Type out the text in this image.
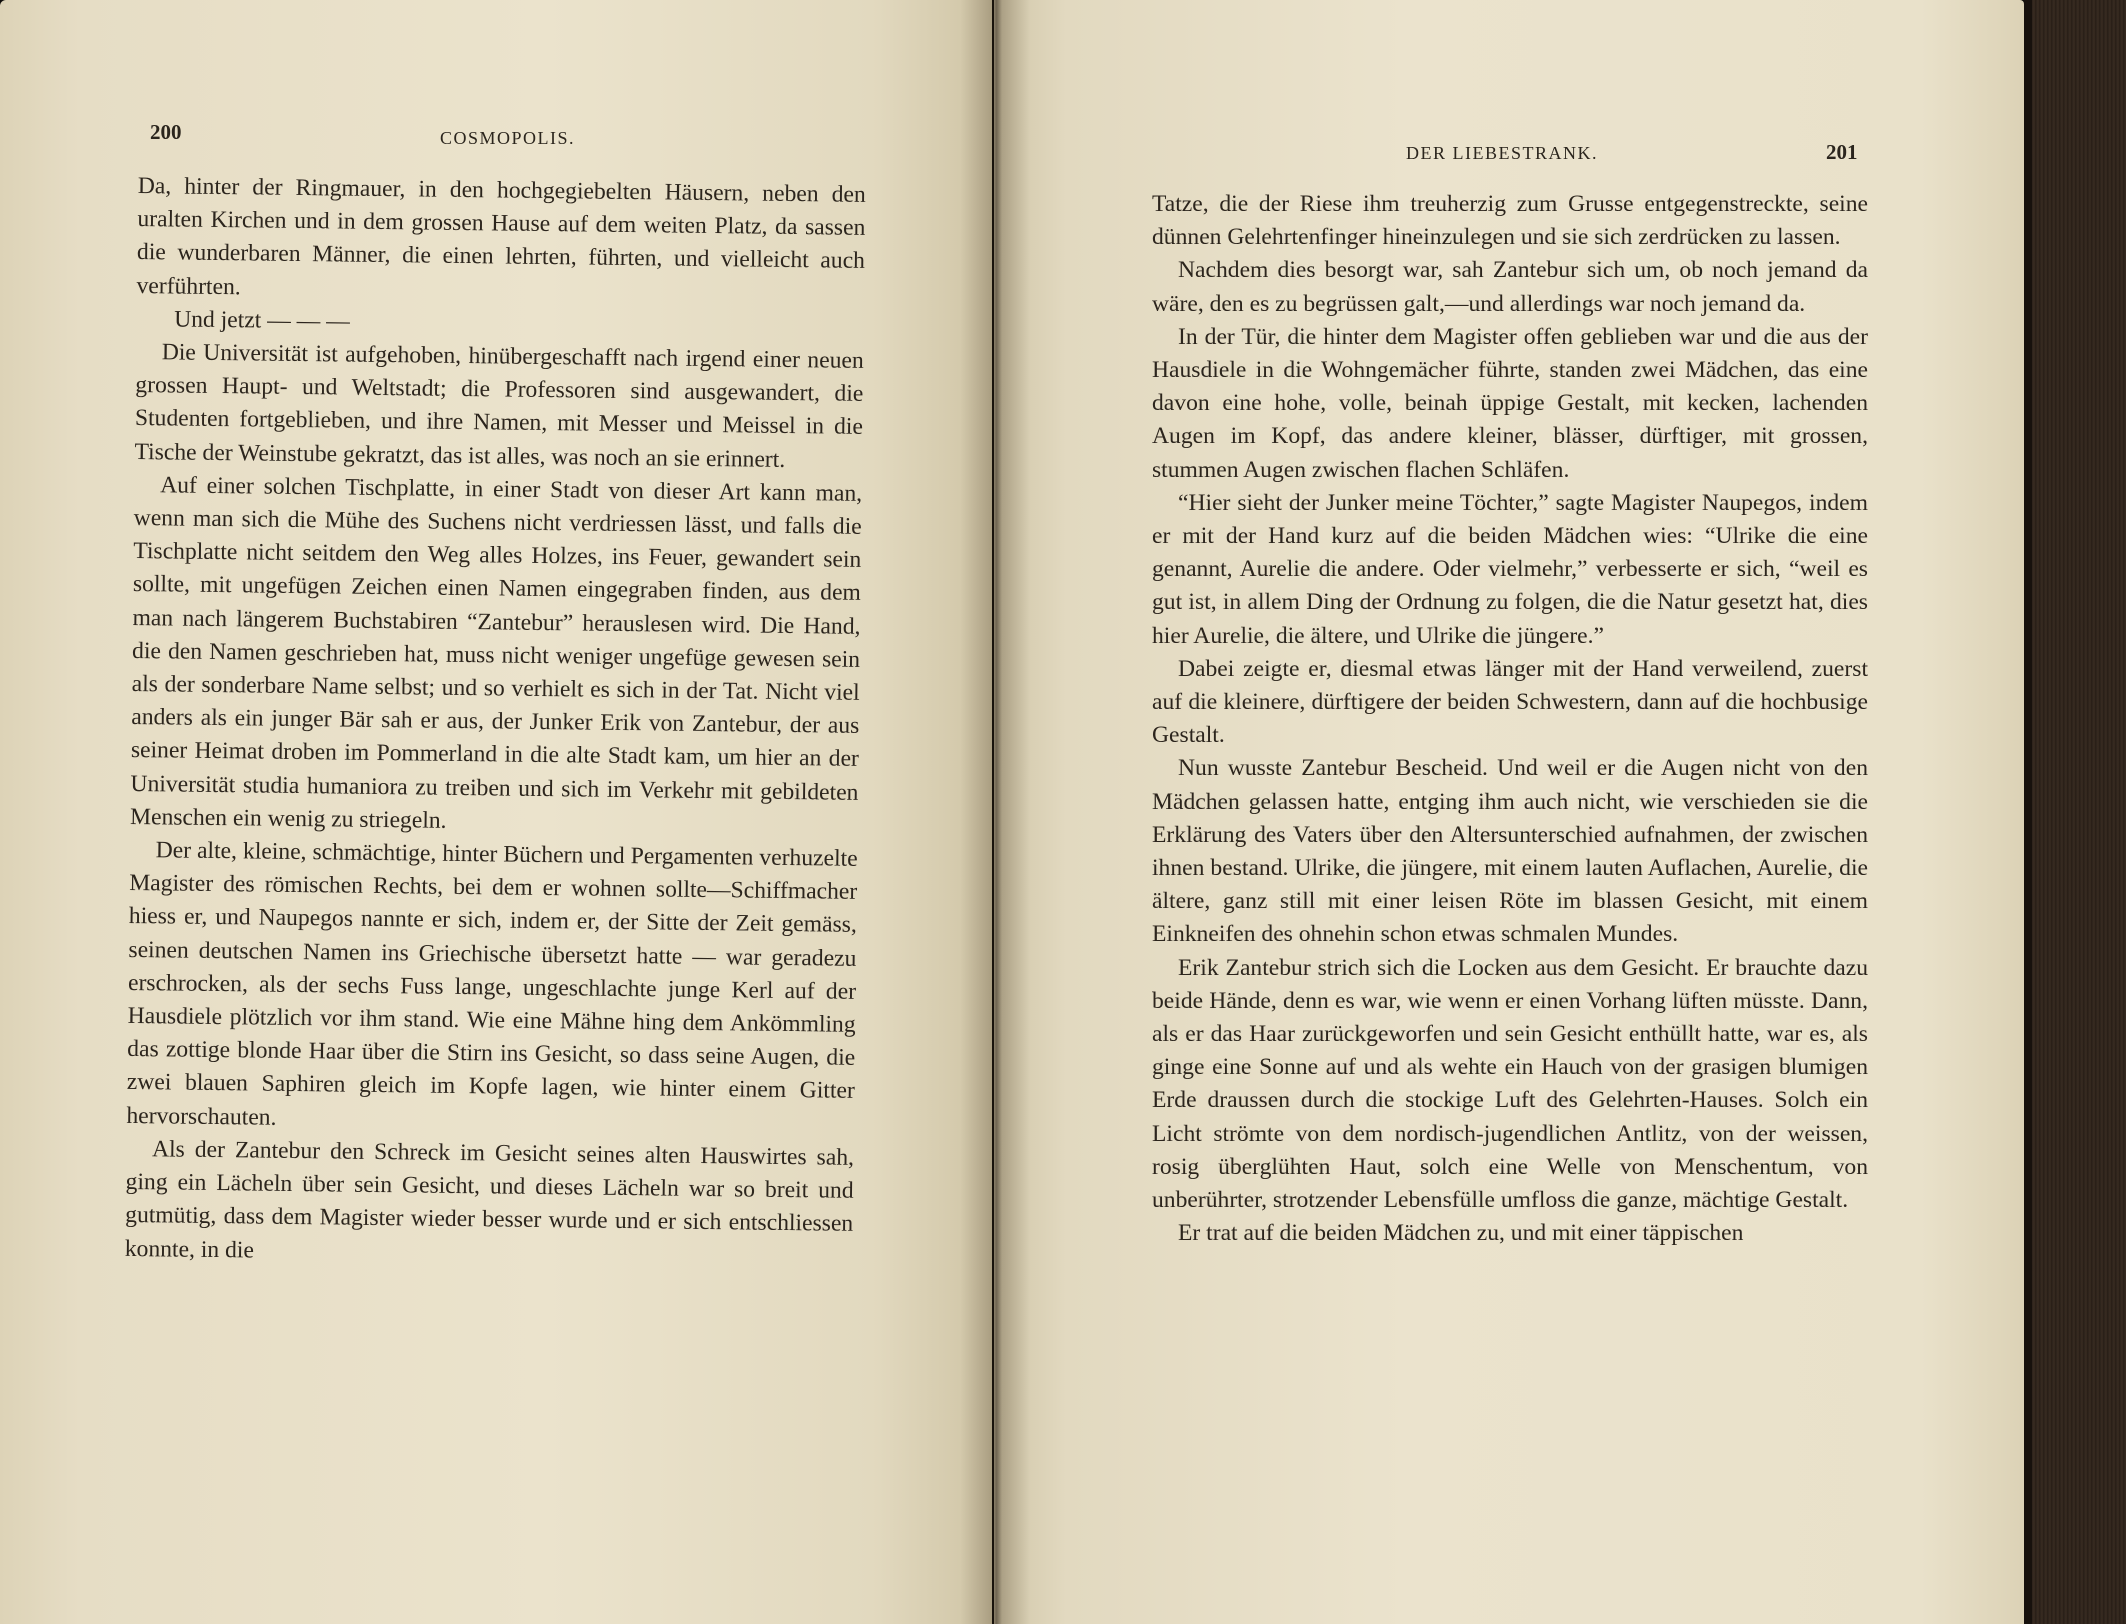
200	COSMOPOLIS.

Da, hinter der Ringmauer, in den hochgegiebelten Häusern, neben den uralten Kirchen und in dem grossen Hause auf dem weiten Platz, da sassen die wunderbaren Männer, die einen lehrten, führten, und vielleicht auch verführten.

Und jetzt — — —

Die Universität ist aufgehoben, hinübergeschafft nach irgend einer neuen grossen Haupt- und Weltstadt; die Professoren sind ausgewandert, die Studenten fortgeblieben, und ihre Namen, mit Messer und Meissel in die Tische der Weinstube gekratzt, das ist alles, was noch an sie erinnert.

Auf einer solchen Tischplatte, in einer Stadt von dieser Art kann man, wenn man sich die Mühe des Suchens nicht verdriessen lässt, und falls die Tischplatte nicht seitdem den Weg alles Holzes, ins Feuer, gewandert sein sollte, mit ungefügen Zeichen einen Namen eingegraben finden, aus dem man nach längerem Buchstabiren “Zantebur” herauslesen wird. Die Hand, die den Namen geschrieben hat, muss nicht weniger ungefüge gewesen sein als der sonderbare Name selbst; und so verhielt es sich in der Tat. Nicht viel anders als ein junger Bär sah er aus, der Junker Erik von Zantebur, der aus seiner Heimat droben im Pommerland in die alte Stadt kam, um hier an der Universität studia humaniora zu treiben und sich im Verkehr mit gebildeten Menschen ein wenig zu striegeln.

Der alte, kleine, schmächtige, hinter Büchern und Pergamenten verhuzelte Magister des römischen Rechts, bei dem er wohnen sollte—Schiffmacher hiess er, und Naupegos nannte er sich, indem er, der Sitte der Zeit gemäss, seinen deutschen Namen ins Griechische übersetzt hatte — war geradezu erschrocken, als der sechs Fuss lange, ungeschlachte junge Kerl auf der Hausdiele plötzlich vor ihm stand. Wie eine Mähne hing dem Ankömmling das zottige blonde Haar über die Stirn ins Gesicht, so dass seine Augen, die zwei blauen Saphiren gleich im Kopfe lagen, wie hinter einem Gitter hervorschauten.

Als der Zantebur den Schreck im Gesicht seines alten Hauswirtes sah, ging ein Lächeln über sein Gesicht, und dieses Lächeln war so breit und gutmütig, dass dem Magister wieder besser wurde und er sich entschliessen konnte, in die

DER LIEBESTRANK.	201

Tatze, die der Riese ihm treuherzig zum Grusse entgegenstreckte, seine dünnen Gelehrtenfinger hineinzulegen und sie sich zerdrücken zu lassen.

Nachdem dies besorgt war, sah Zantebur sich um, ob noch jemand da wäre, den es zu begrüssen galt,—und allerdings war noch jemand da.

In der Tür, die hinter dem Magister offen geblieben war und die aus der Hausdiele in die Wohngemächer führte, standen zwei Mädchen, das eine davon eine hohe, volle, beinah üppige Gestalt, mit kecken, lachenden Augen im Kopf, das andere kleiner, blässer, dürftiger, mit grossen, stummen Augen zwischen flachen Schläfen.

“Hier sieht der Junker meine Töchter,” sagte Magister Naupegos, indem er mit der Hand kurz auf die beiden Mädchen wies: “Ulrike die eine genannt, Aurelie die andere. Oder vielmehr,” verbesserte er sich, “weil es gut ist, in allem Ding der Ordnung zu folgen, die die Natur gesetzt hat, dies hier Aurelie, die ältere, und Ulrike die jüngere.”

Dabei zeigte er, diesmal etwas länger mit der Hand verweilend, zuerst auf die kleinere, dürftigere der beiden Schwestern, dann auf die hochbusige Gestalt.

Nun wusste Zantebur Bescheid. Und weil er die Augen nicht von den Mädchen gelassen hatte, entging ihm auch nicht, wie verschieden sie die Erklärung des Vaters über den Altersunterschied aufnahmen, der zwischen ihnen bestand. Ulrike, die jüngere, mit einem lauten Auflachen, Aurelie, die ältere, ganz still mit einer leisen Röte im blassen Gesicht, mit einem Einkneifen des ohnehin schon etwas schmalen Mundes.

Erik Zantebur strich sich die Locken aus dem Gesicht. Er brauchte dazu beide Hände, denn es war, wie wenn er einen Vorhang lüften müsste. Dann, als er das Haar zurückgeworfen und sein Gesicht enthüllt hatte, war es, als ginge eine Sonne auf und als wehte ein Hauch von der grasigen blumigen Erde draussen durch die stockige Luft des Gelehrten-Hauses. Solch ein Licht strömte von dem nordisch-jugendlichen Antlitz, von der weissen, rosig überglühten Haut, solch eine Welle von Menschentum, von unberührter, strotzender Lebensfülle umfloss die ganze, mächtige Gestalt.

Er trat auf die beiden Mädchen zu, und mit einer täppischen
